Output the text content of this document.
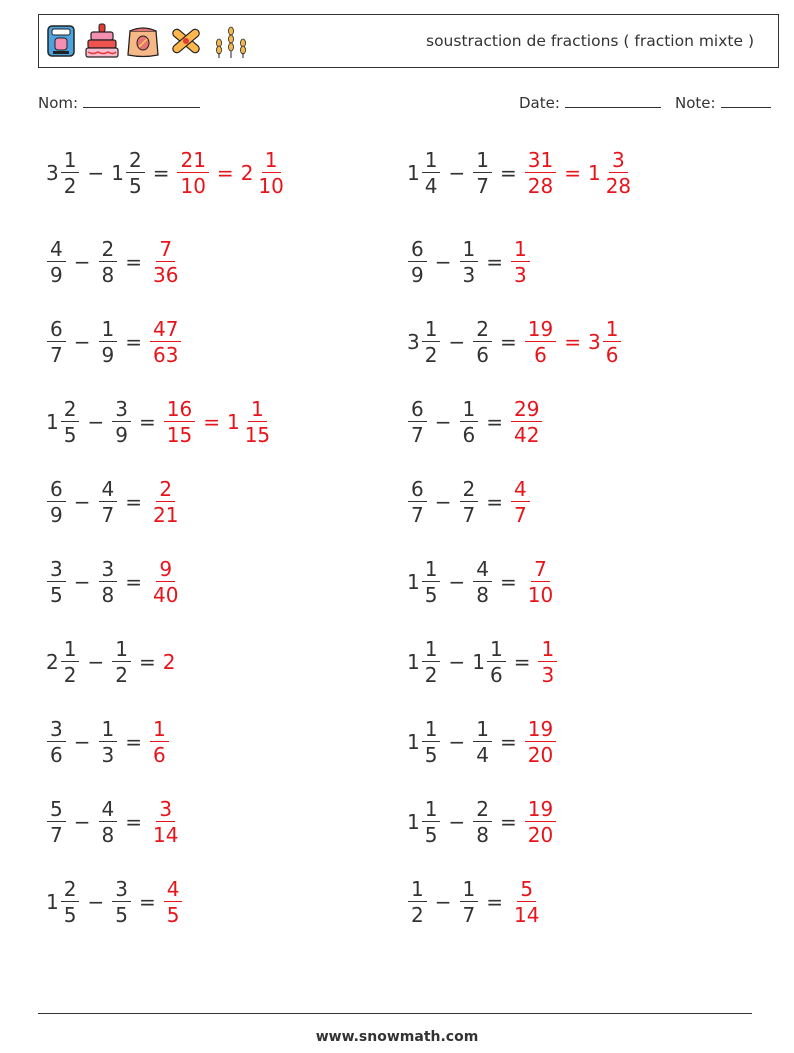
soustraction de fractions ( fraction mixte )
Nom:	Date:	Note:
$3 \frac{1}{2} - 1 \frac{2}{5} = \frac{21}{10} = 2 \frac{1}{10}$	$1 \frac{1}{4} - \frac{1}{7} = \frac{31}{28} = 1 \frac{3}{28}$
$\frac{4}{9} - \frac{2}{8} = \frac{7}{36}$	$\frac{6}{9} - \frac{1}{3} = \frac{1}{3}$
$\frac{6}{7} - \frac{1}{9} = \frac{47}{63}$	$3 \frac{1}{2} - \frac{2}{6} = \frac{19}{6} = 3 \frac{1}{6}$
$1 \frac{2}{5} - \frac{3}{9} = \frac{16}{15} = 1 \frac{1}{15}$	$\frac{6}{7} - \frac{1}{6} = \frac{29}{42}$
$\frac{6}{9} - \frac{4}{7} = \frac{2}{21}$	$\frac{6}{7} - \frac{2}{7} = \frac{4}{7}$
$\frac{3}{5} - \frac{3}{8} = \frac{9}{40}$	$1 \frac{1}{5} - \frac{4}{8} = \frac{7}{10}$
$2 \frac{1}{2} - \frac{1}{2} = 2$	$1 \frac{1}{2} - 1 \frac{1}{6} = \frac{1}{3}$
$\frac{3}{6} - \frac{1}{3} = \frac{1}{6}$	$1 \frac{1}{5} - \frac{1}{4} = \frac{19}{20}$
$\frac{5}{7} - \frac{4}{8} = \frac{3}{14}$	$1 \frac{1}{5} - \frac{2}{8} = \frac{19}{20}$
$1 \frac{2}{5} - \frac{3}{5} = \frac{4}{5}$	$\frac{1}{2} - \frac{1}{7} = \frac{5}{14}$
www.snowmath.com
